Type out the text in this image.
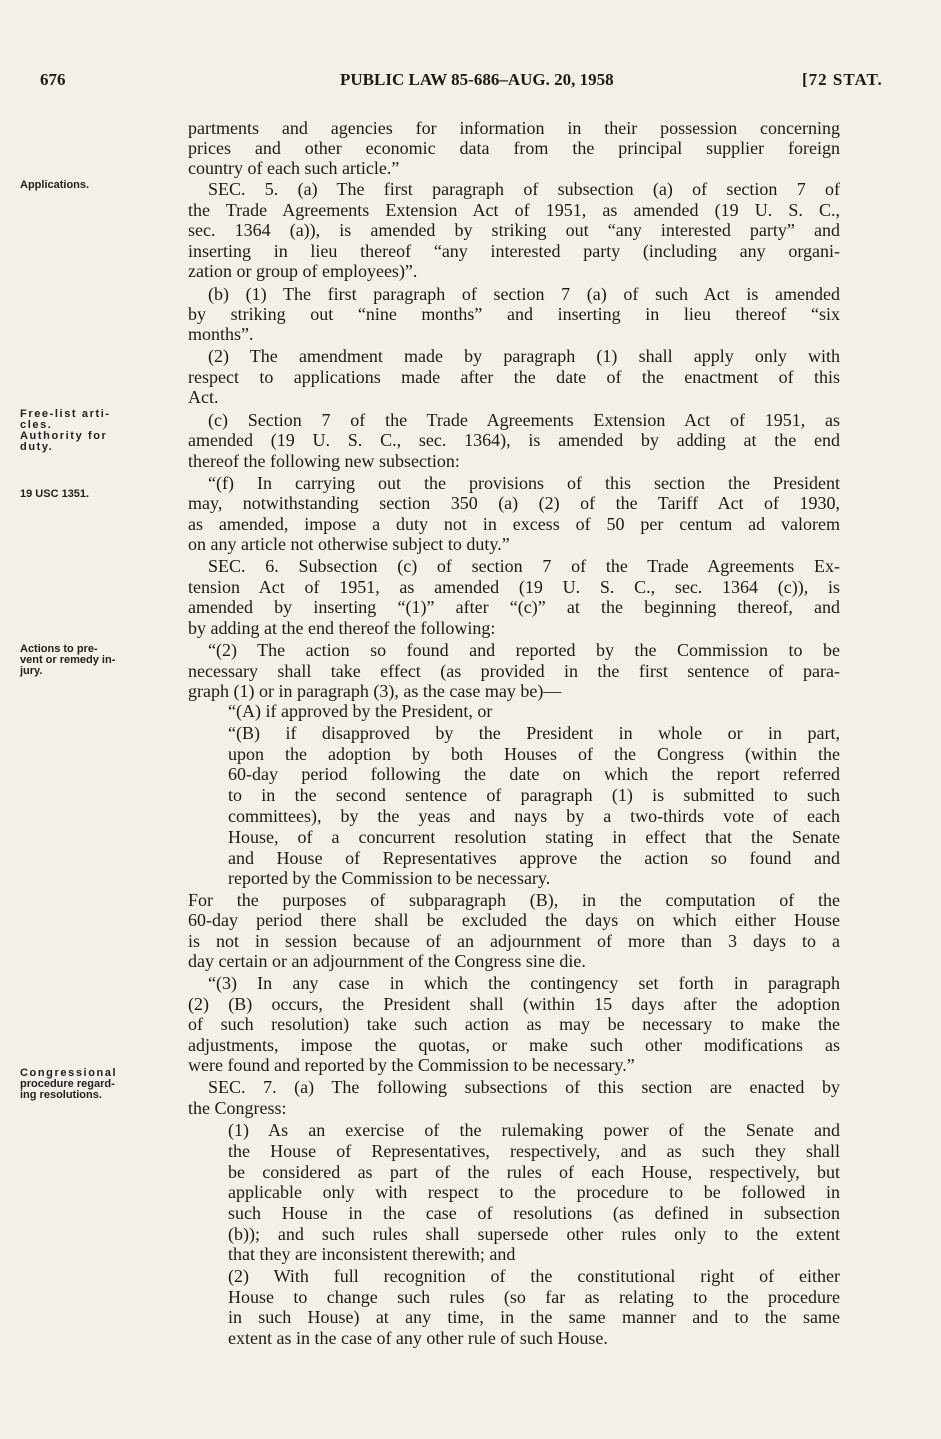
676	PUBLIC LAW 85-686–AUG. 20, 1958	[72 STAT.
Applications.
Free-list arti-
cles.
Authority for
duty.
19 USC 1351.
Actions to pre-
vent or remedy in-
jury.
Congressional
procedure regard-
ing resolutions.
partments and agencies for information in their possession concerning
prices and other economic data from the principal supplier foreign
country of each such article.”
SEC. 5. (a) The first paragraph of subsection (a) of section 7 of
the Trade Agreements Extension Act of 1951, as amended (19 U. S. C.,
sec. 1364 (a)), is amended by striking out “any interested party” and
inserting in lieu thereof “any interested party (including any organi-
zation or group of employees)”.
(b) (1) The first paragraph of section 7 (a) of such Act is amended
by striking out “nine months” and inserting in lieu thereof “six
months”.
(2) The amendment made by paragraph (1) shall apply only with
respect to applications made after the date of the enactment of this
Act.
(c) Section 7 of the Trade Agreements Extension Act of 1951, as
amended (19 U. S. C., sec. 1364), is amended by adding at the end
thereof the following new subsection:
“(f) In carrying out the provisions of this section the President
may, notwithstanding section 350 (a) (2) of the Tariff Act of 1930,
as amended, impose a duty not in excess of 50 per centum ad valorem
on any article not otherwise subject to duty.”
SEC. 6. Subsection (c) of section 7 of the Trade Agreements Ex-
tension Act of 1951, as amended (19 U. S. C., sec. 1364 (c)), is
amended by inserting “(1)” after “(c)” at the beginning thereof, and
by adding at the end thereof the following:
“(2) The action so found and reported by the Commission to be
necessary shall take effect (as provided in the first sentence of para-
graph (1) or in paragraph (3), as the case may be)—
“(A) if approved by the President, or
“(B) if disapproved by the President in whole or in part,
upon the adoption by both Houses of the Congress (within the
60-day period following the date on which the report referred
to in the second sentence of paragraph (1) is submitted to such
committees), by the yeas and nays by a two-thirds vote of each
House, of a concurrent resolution stating in effect that the Senate
and House of Representatives approve the action so found and
reported by the Commission to be necessary.
For the purposes of subparagraph (B), in the computation of the
60-day period there shall be excluded the days on which either House
is not in session because of an adjournment of more than 3 days to a
day certain or an adjournment of the Congress sine die.
“(3) In any case in which the contingency set forth in paragraph
(2) (B) occurs, the President shall (within 15 days after the adoption
of such resolution) take such action as may be necessary to make the
adjustments, impose the quotas, or make such other modifications as
were found and reported by the Commission to be necessary.”
SEC. 7. (a) The following subsections of this section are enacted by
the Congress:
(1) As an exercise of the rulemaking power of the Senate and
the House of Representatives, respectively, and as such they shall
be considered as part of the rules of each House, respectively, but
applicable only with respect to the procedure to be followed in
such House in the case of resolutions (as defined in subsection
(b)); and such rules shall supersede other rules only to the extent
that they are inconsistent therewith; and
(2) With full recognition of the constitutional right of either
House to change such rules (so far as relating to the procedure
in such House) at any time, in the same manner and to the same
extent as in the case of any other rule of such House.
